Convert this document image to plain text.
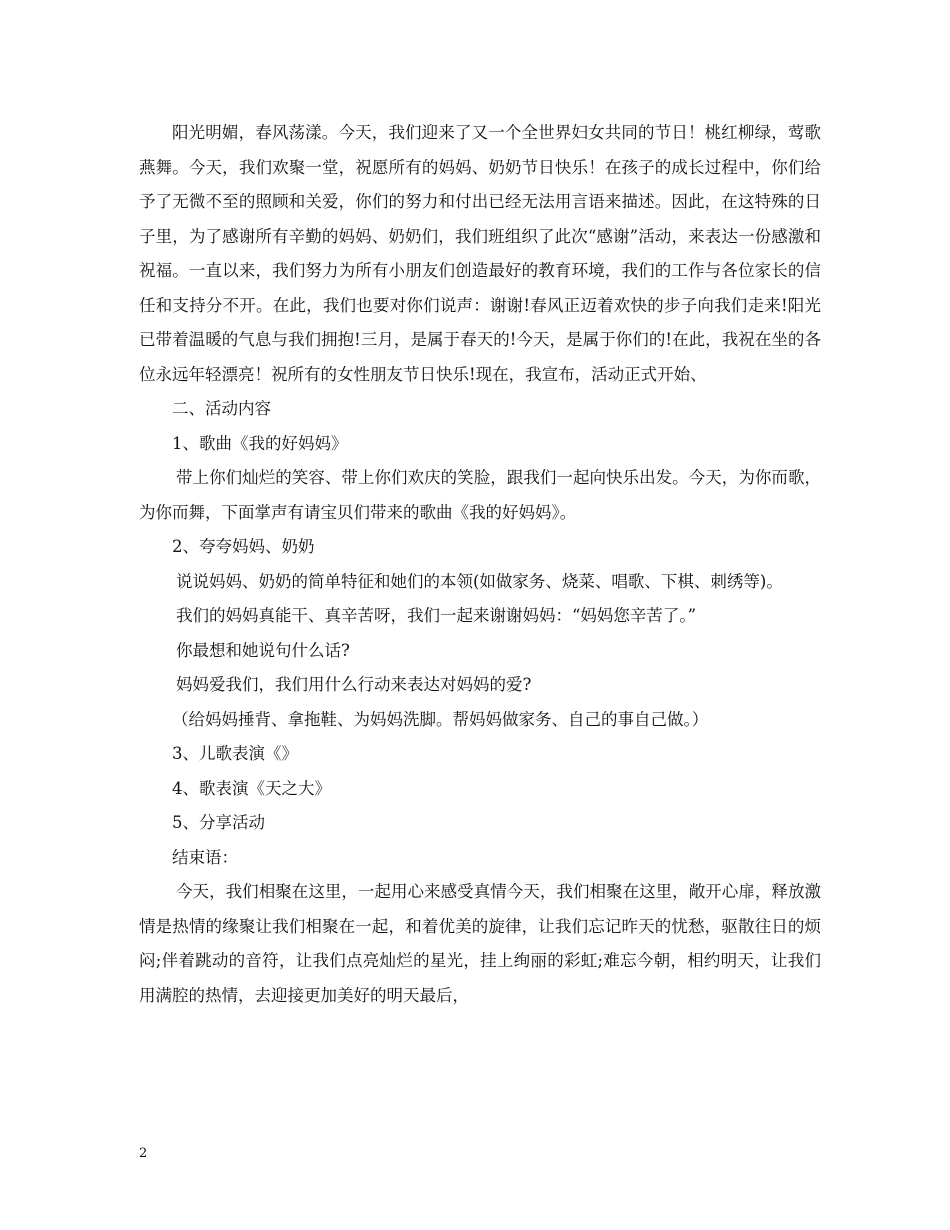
阳光明媚，春风荡漾。今天，我们迎来了又一个全世界妇女共同的节日！桃红柳绿，莺歌燕舞。今天，我们欢聚一堂，祝愿所有的妈妈、奶奶节日快乐！在孩子的成长过程中，你们给予了无微不至的照顾和关爱，你们的努力和付出已经无法用言语来描述。因此，在这特殊的日子里，为了感谢所有辛勤的妈妈、奶奶们，我们班组织了此次“感谢”活动，来表达一份感激和祝福。一直以来，我们努力为所有小朋友们创造最好的教育环境，我们的工作与各位家长的信任和支持分不开。在此，我们也要对你们说声：谢谢!春风正迈着欢快的步子向我们走来!阳光已带着温暖的气息与我们拥抱!三月，是属于春天的!今天，是属于你们的!在此，我祝在坐的各位永远年轻漂亮！祝所有的女性朋友节日快乐!现在，我宣布，活动正式开始、

二、活动内容

1、歌曲《我的好妈妈》

带上你们灿烂的笑容、带上你们欢庆的笑脸，跟我们一起向快乐出发。今天，为你而歌，为你而舞，下面掌声有请宝贝们带来的歌曲《我的好妈妈》。

2、夸夸妈妈、奶奶

说说妈妈、奶奶的简单特征和她们的本领(如做家务、烧菜、唱歌、下棋、刺绣等)。

我们的妈妈真能干、真辛苦呀，我们一起来谢谢妈妈：“妈妈您辛苦了。”

你最想和她说句什么话?

妈妈爱我们，我们用什么行动来表达对妈妈的爱?

（给妈妈捶背、拿拖鞋、为妈妈洗脚。帮妈妈做家务、自己的事自己做。）

3、儿歌表演《》

4、歌表演《天之大》

5、分享活动

结束语：

今天，我们相聚在这里，一起用心来感受真情今天，我们相聚在这里，敞开心扉，释放激情是热情的缘聚让我们相聚在一起，和着优美的旋律，让我们忘记昨天的忧愁，驱散往日的烦闷;伴着跳动的音符，让我们点亮灿烂的星光，挂上绚丽的彩虹;难忘今朝，相约明天，让我们用满腔的热情，去迎接更加美好的明天最后，

2
